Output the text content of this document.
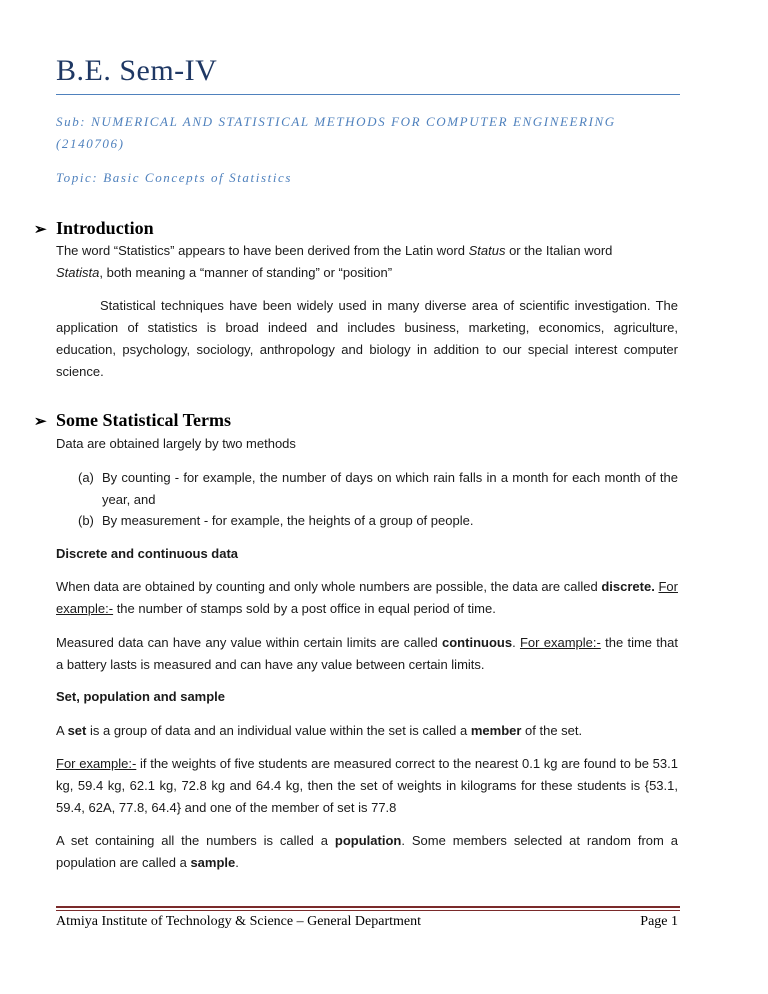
B.E. Sem-IV
Sub: NUMERICAL AND STATISTICAL METHODS FOR COMPUTER ENGINEERING
(2140706)
Topic: Basic Concepts of Statistics
➢ Introduction
The word “Statistics” appears to have been derived from the Latin word Status or the Italian word
Statista, both meaning a “manner of standing” or “position”
Statistical techniques have been widely used in many diverse area of scientific investigation. The application of statistics is broad indeed and includes business, marketing, economics, agriculture, education, psychology, sociology, anthropology and biology in addition to our special interest computer science.
➢ Some Statistical Terms
Data are obtained largely by two methods
(a) By counting - for example, the number of days on which rain falls in a month for each month of the year, and
(b) By measurement - for example, the heights of a group of people.
Discrete and continuous data
When data are obtained by counting and only whole numbers are possible, the data are called discrete. For example:- the number of stamps sold by a post office in equal period of time.
Measured data can have any value within certain limits are called continuous. For example:- the time that a battery lasts is measured and can have any value between certain limits.
Set, population and sample
A set is a group of data and an individual value within the set is called a member of the set.
For example:- if the weights of five students are measured correct to the nearest 0.1 kg are found to be 53.1 kg, 59.4 kg, 62.1 kg, 72.8 kg and 64.4 kg, then the set of weights in kilograms for these students is {53.1, 59.4, 62A, 77.8, 64.4} and one of the member of set is 77.8
A set containing all the numbers is called a population. Some members selected at random from a population are called a sample.
Atmiya Institute of Technology & Science – General Department	Page 1
